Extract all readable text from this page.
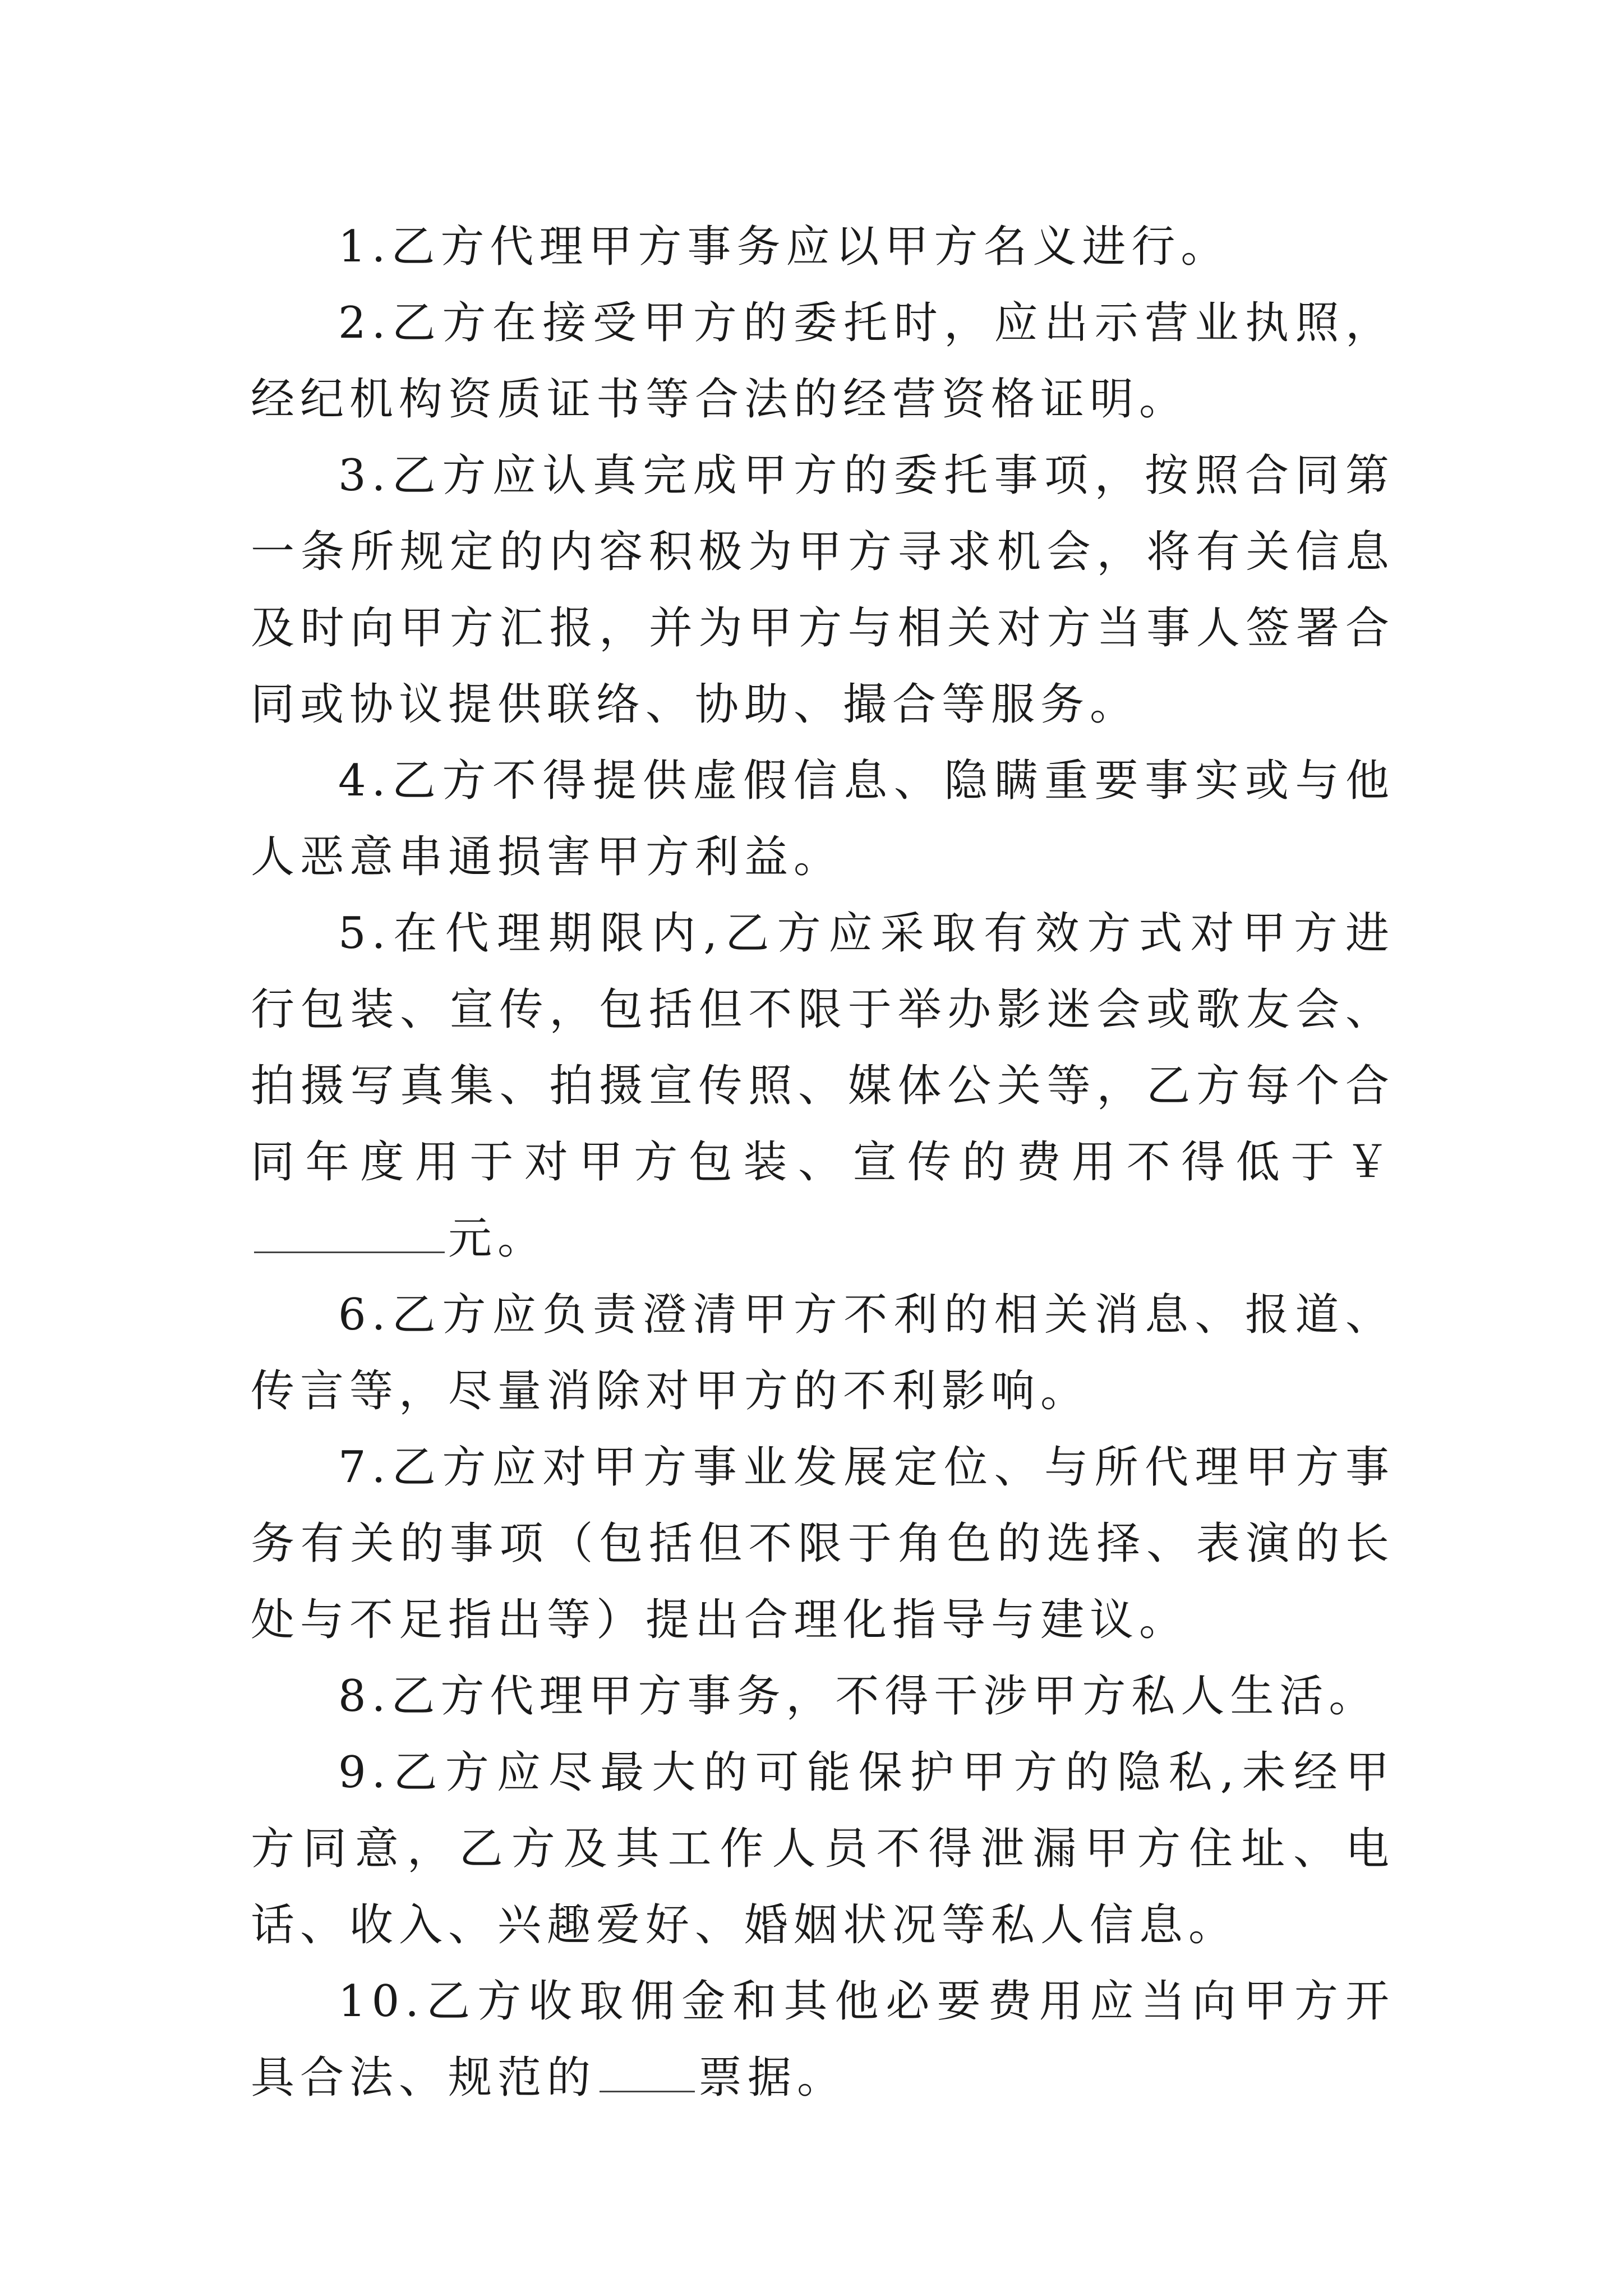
1.乙方代理甲方事务应以甲方名义进行。

2.乙方在接受甲方的委托时，应出示营业执照，经纪机构资质证书等合法的经营资格证明。

3.乙方应认真完成甲方的委托事项，按照合同第一条所规定的内容积极为甲方寻求机会，将有关信息及时向甲方汇报，并为甲方与相关对方当事人签署合同或协议提供联络、协助、撮合等服务。

4.乙方不得提供虚假信息、隐瞒重要事实或与他人恶意串通损害甲方利益。

5.在代理期限内,乙方应采取有效方式对甲方进行包装、宣传，包括但不限于举办影迷会或歌友会、拍摄写真集、拍摄宣传照、媒体公关等，乙方每个合同年度用于对甲方包装、宣传的费用不得低于￥元。

6.乙方应负责澄清甲方不利的相关消息、报道、传言等，尽量消除对甲方的不利影响。

7.乙方应对甲方事业发展定位、与所代理甲方事务有关的事项（包括但不限于角色的选择、表演的长处与不足指出等）提出合理化指导与建议。

8.乙方代理甲方事务，不得干涉甲方私人生活。

9.乙方应尽最大的可能保护甲方的隐私,未经甲方同意，乙方及其工作人员不得泄漏甲方住址、电话、收入、兴趣爱好、婚姻状况等私人信息。

10.乙方收取佣金和其他必要费用应当向甲方开具合法、规范的 票据。
